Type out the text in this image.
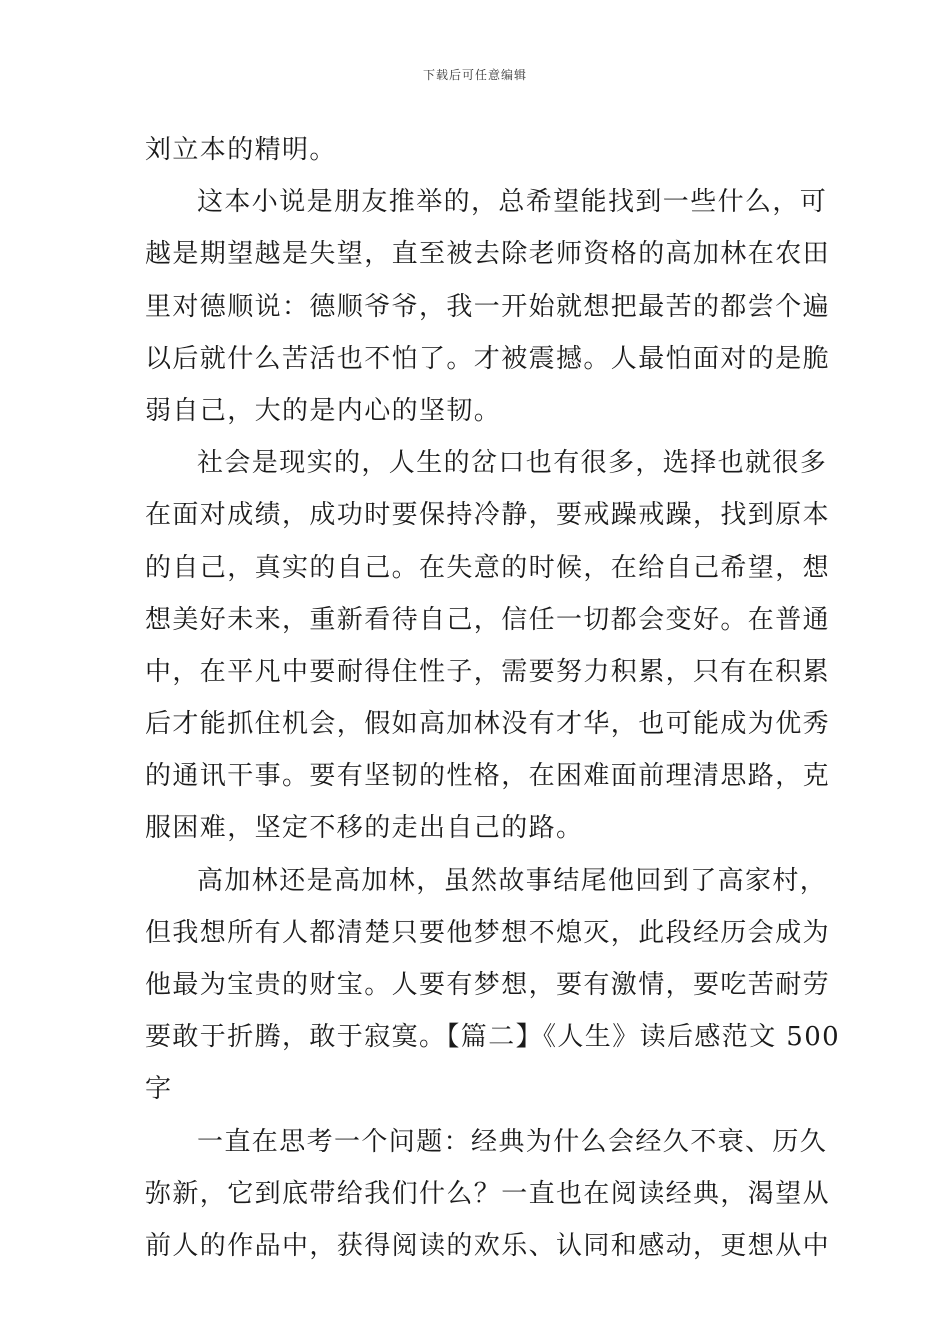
下载后可任意编辑
刘立本的精明。
这本小说是朋友推举的，总希望能找到一些什么，可
越是期望越是失望，直至被去除老师资格的高加林在农田
里对德顺说：德顺爷爷，我一开始就想把最苦的都尝个遍
以后就什么苦活也不怕了。才被震撼。人最怕面对的是脆
弱自己，大的是内心的坚韧。
社会是现实的，人生的岔口也有很多，选择也就很多
在面对成绩，成功时要保持冷静，要戒躁戒躁，找到原本
的自己，真实的自己。在失意的时候，在给自己希望，想
想美好未来，重新看待自己，信任一切都会变好。在普通
中，在平凡中要耐得住性子，需要努力积累，只有在积累
后才能抓住机会，假如高加林没有才华，也可能成为优秀
的通讯干事。要有坚韧的性格，在困难面前理清思路，克
服困难，坚定不移的走出自己的路。
高加林还是高加林，虽然故事结尾他回到了高家村，
但我想所有人都清楚只要他梦想不熄灭，此段经历会成为
他最为宝贵的财宝。人要有梦想，要有激情，要吃苦耐劳
要敢于折腾，敢于寂寞。【篇二】《人生》读后感范文 500
字
一直在思考一个问题：经典为什么会经久不衰、历久
弥新，它到底带给我们什么？一直也在阅读经典，渴望从
前人的作品中，获得阅读的欢乐、认同和感动，更想从中
